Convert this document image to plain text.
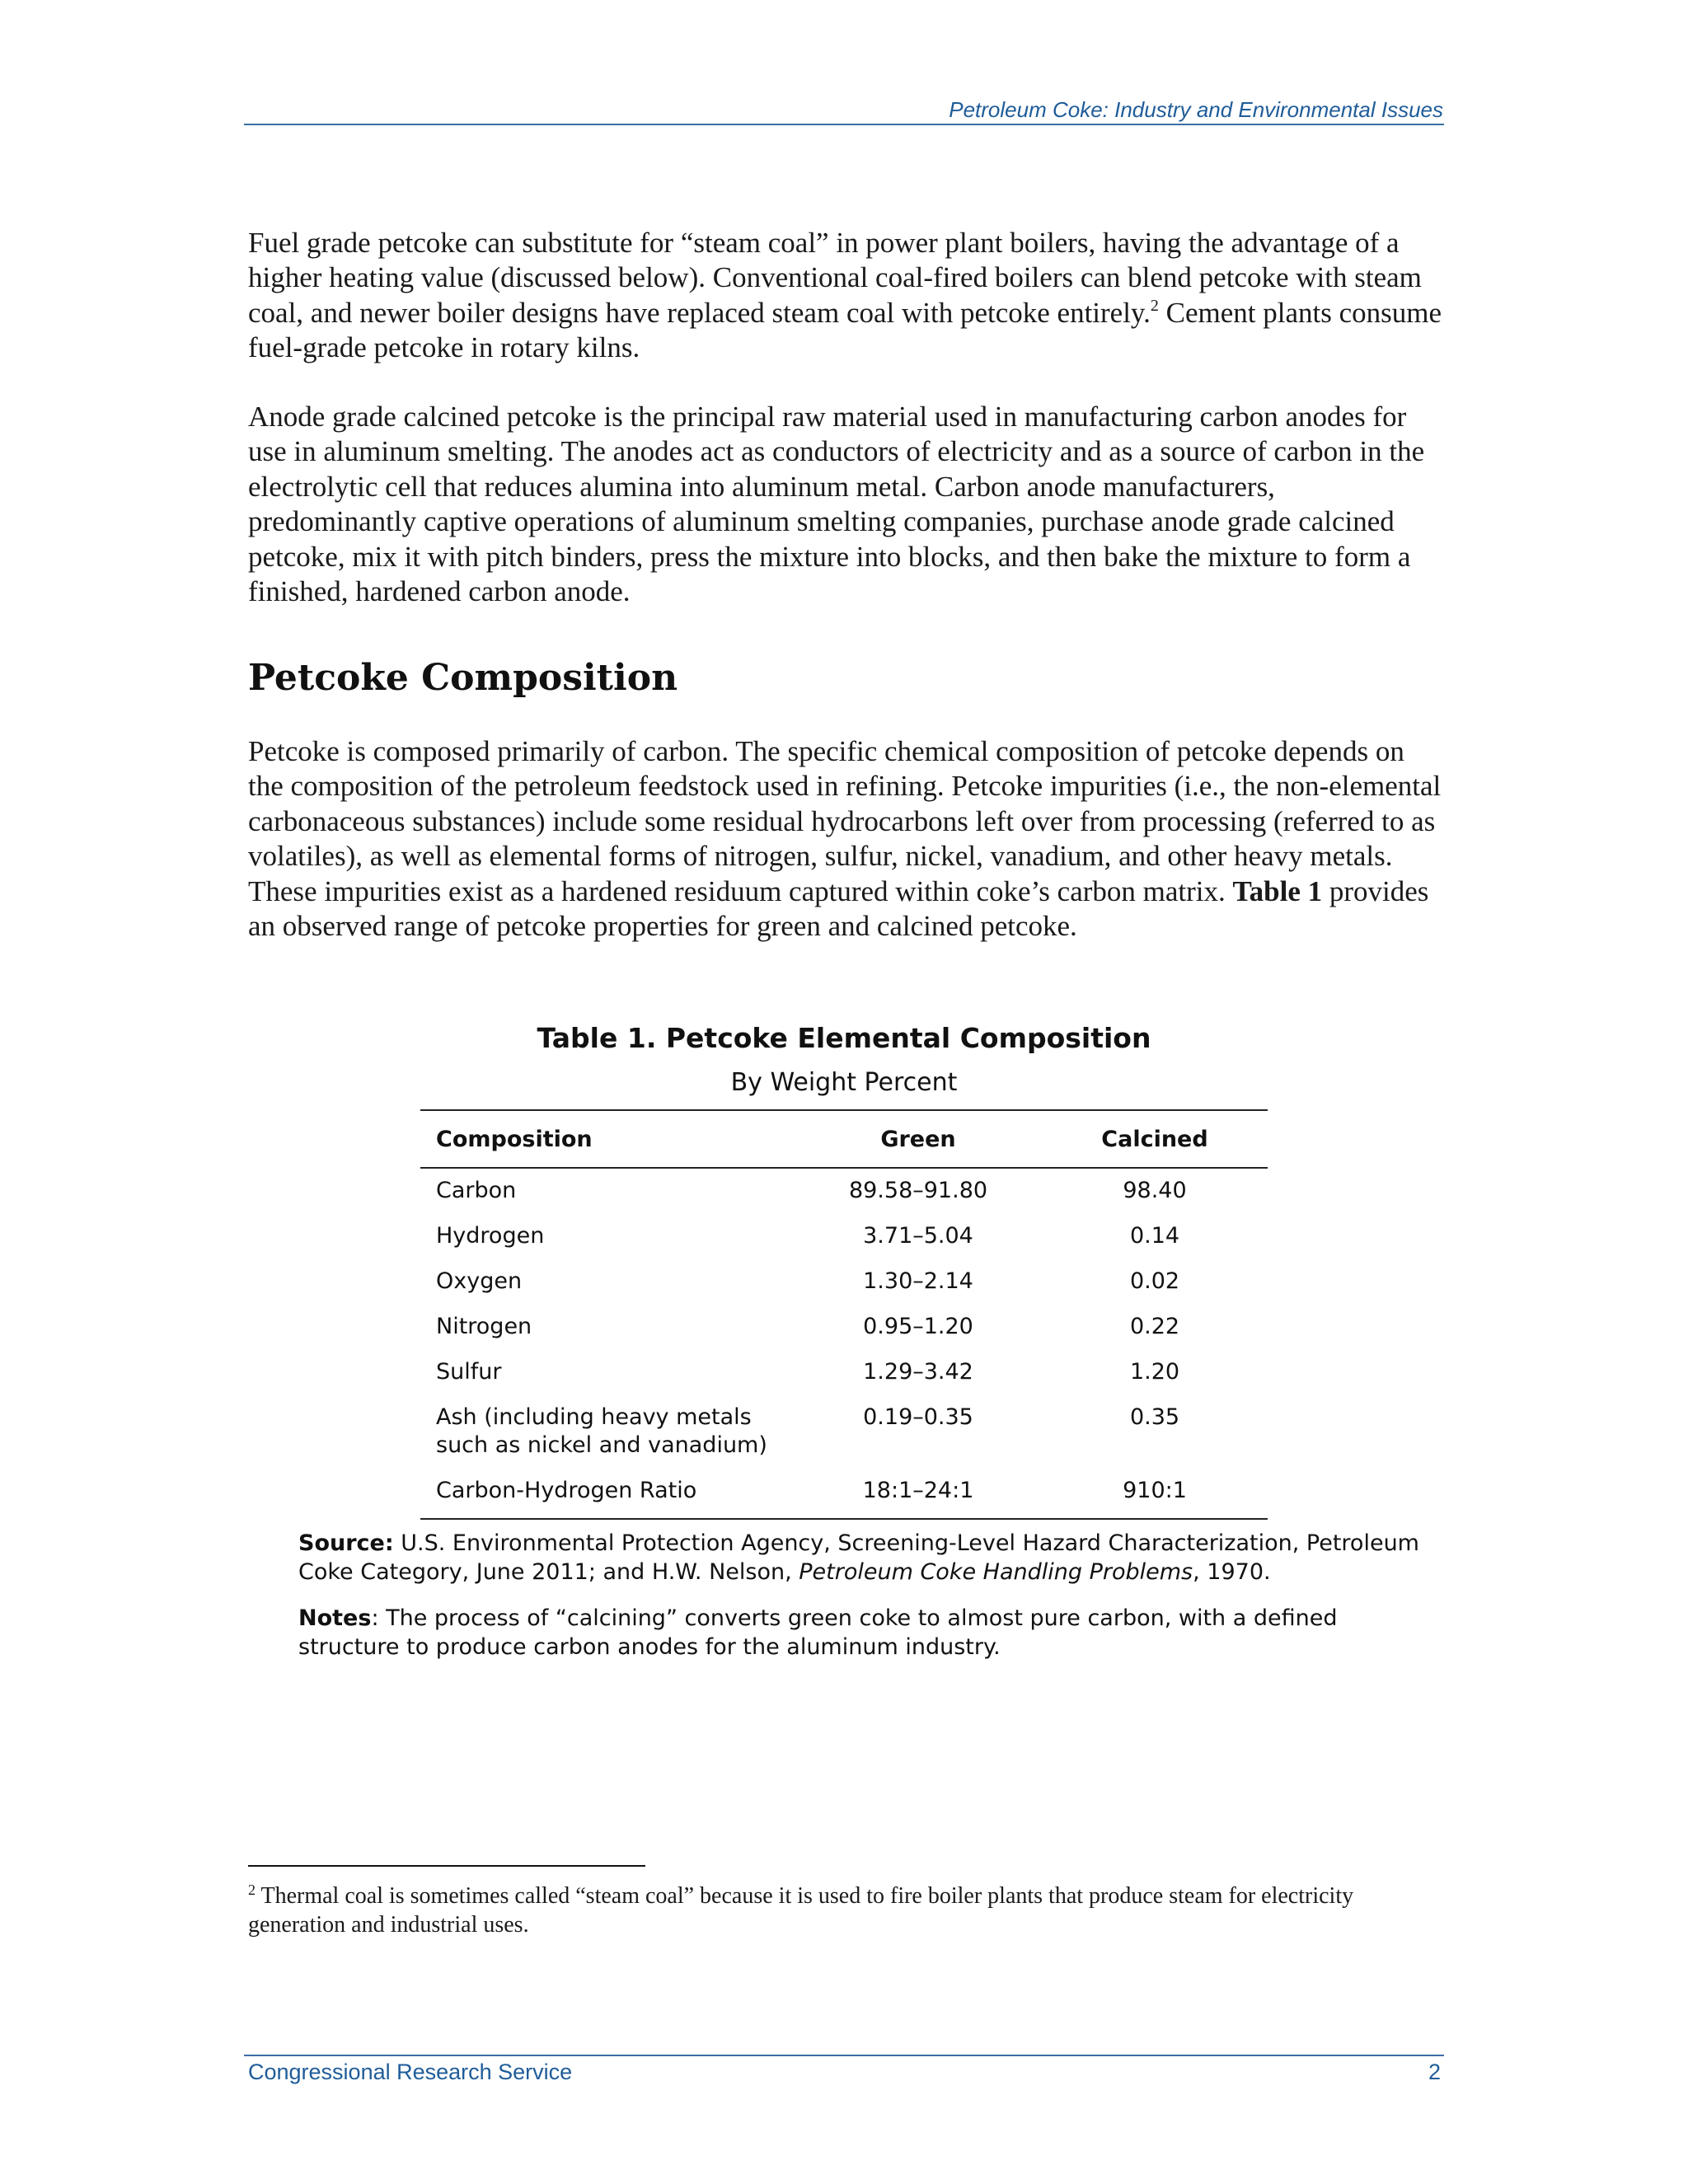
Petroleum Coke: Industry and Environmental Issues

Fuel grade petcoke can substitute for “steam coal” in power plant boilers, having the advantage of a higher heating value (discussed below). Conventional coal-fired boilers can blend petcoke with steam coal, and newer boiler designs have replaced steam coal with petcoke entirely.$^2$ Cement plants consume fuel-grade petcoke in rotary kilns.

Anode grade calcined petcoke is the principal raw material used in manufacturing carbon anodes for use in aluminum smelting. The anodes act as conductors of electricity and as a source of carbon in the electrolytic cell that reduces alumina into aluminum metal. Carbon anode manufacturers, predominantly captive operations of aluminum smelting companies, purchase anode grade calcined petcoke, mix it with pitch binders, press the mixture into blocks, and then bake the mixture to form a finished, hardened carbon anode.

Petcoke Composition

Petcoke is composed primarily of carbon. The specific chemical composition of petcoke depends on the composition of the petroleum feedstock used in refining. Petcoke impurities (i.e., the non-elemental carbonaceous substances) include some residual hydrocarbons left over from processing (referred to as volatiles), as well as elemental forms of nitrogen, sulfur, nickel, vanadium, and other heavy metals. These impurities exist as a hardened residuum captured within coke’s carbon matrix. Table 1 provides an observed range of petcoke properties for green and calcined petcoke.

Table 1. Petcoke Elemental Composition
By Weight Percent
Composition	Green	Calcined
Carbon	89.58–91.80	98.40
Hydrogen	3.71–5.04	0.14
Oxygen	1.30–2.14	0.02
Nitrogen	0.95–1.20	0.22
Sulfur	1.29–3.42	1.20
Ash (including heavy metals such as nickel and vanadium)	0.19–0.35	0.35
Carbon-Hydrogen Ratio	18:1–24:1	910:1

Source: U.S. Environmental Protection Agency, Screening-Level Hazard Characterization, Petroleum Coke Category, June 2011; and H.W. Nelson, Petroleum Coke Handling Problems, 1970.

Notes: The process of “calcining” converts green coke to almost pure carbon, with a defined structure to produce carbon anodes for the aluminum industry.

$^2$ Thermal coal is sometimes called “steam coal” because it is used to fire boiler plants that produce steam for electricity generation and industrial uses.

Congressional Research Service	2
